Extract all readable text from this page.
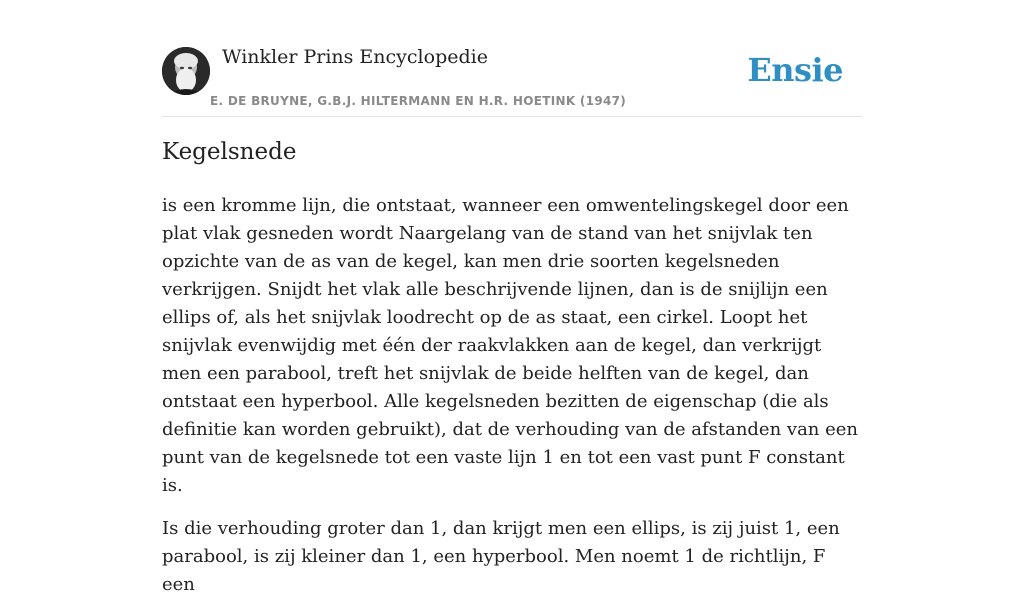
Winkler Prins Encyclopedie
E. DE BRUYNE, G.B.J. HILTERMANN EN H.R. HOETINK (1947)
Ensie
Kegelsnede

is een kromme lijn, die ontstaat, wanneer een omwentelingskegel door een plat vlak gesneden wordt Naargelang van de stand van het snijvlak ten opzichte van de as van de kegel, kan men drie soorten kegelsneden verkrijgen. Snijdt het vlak alle beschrijvende lijnen, dan is de snijlijn een ellips of, als het snijvlak loodrecht op de as staat, een cirkel. Loopt het snijvlak evenwijdig met één der raakvlakken aan de kegel, dan verkrijgt men een parabool, treft het snijvlak de beide helften van de kegel, dan ontstaat een hyperbool. Alle kegelsneden bezitten de eigenschap (die als definitie kan worden gebruikt), dat de verhouding van de afstanden van een punt van de kegelsnede tot een vaste lijn 1 en tot een vast punt F constant is.

Is die verhouding groter dan 1, dan krijgt men een ellips, is zij juist 1, een parabool, is zij kleiner dan 1, een hyperbool. Men noemt 1 de richtlijn, F een
